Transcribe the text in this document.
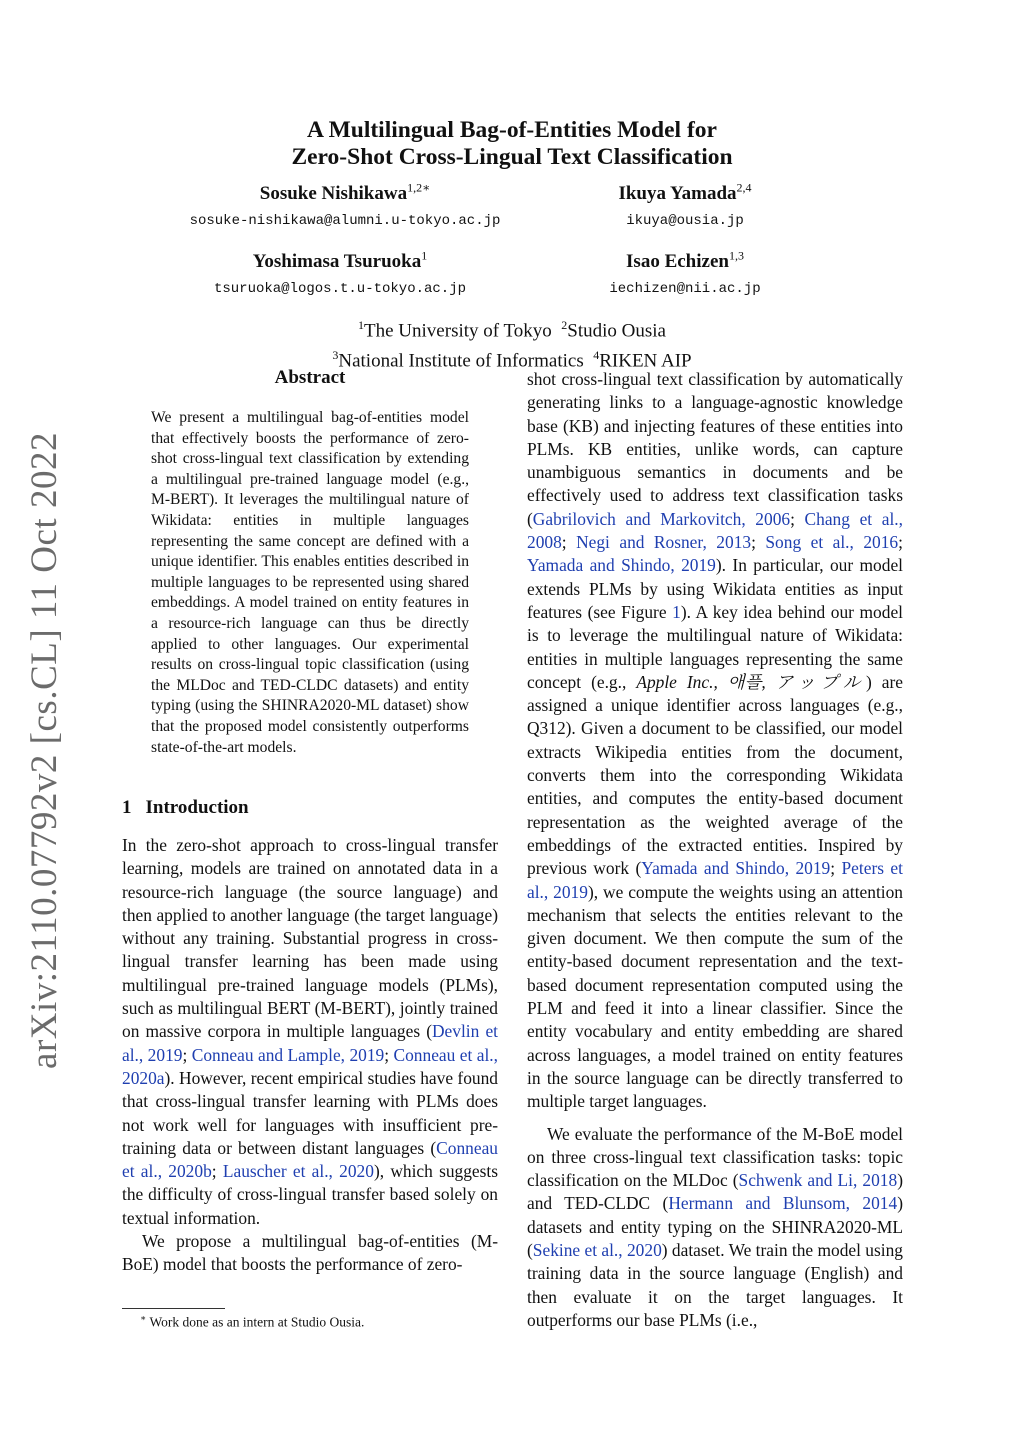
arXiv:2110.07792v2 [cs.CL] 11 Oct 2022
A Multilingual Bag-of-Entities Model for
Zero-Shot Cross-Lingual Text Classification
Sosuke Nishikawa$^{1,2∗}$
sosuke-nishikawa@alumni.u-tokyo.ac.jp
Ikuya Yamada$^{2,4}$
ikuya@ousia.jp
Yoshimasa Tsuruoka$^1$
tsuruoka@logos.t.u-tokyo.ac.jp
Isao Echizen$^{1,3}$
iechizen@nii.ac.jp
$^1$The University of Tokyo $^2$Studio Ousia
$^3$National Institute of Informatics $^4$RIKEN AIP
Abstract
We present a multilingual bag-of-entities model that effectively boosts the performance of zero-shot cross-lingual text classification by extending a multilingual pre-trained language model (e.g., M-BERT). It leverages the multilingual nature of Wikidata: entities in multiple languages representing the same concept are defined with a unique identifier. This enables entities described in multiple languages to be represented using shared embeddings. A model trained on entity features in a resource-rich language can thus be directly applied to other languages. Our experimental results on cross-lingual topic classification (using the MLDoc and TED-CLDC datasets) and entity typing (using the SHINRA2020-ML dataset) show that the proposed model consistently outperforms state-of-the-art models.
1 Introduction

In the zero-shot approach to cross-lingual transfer learning, models are trained on annotated data in a resource-rich language (the source language) and then applied to another language (the target language) without any training. Substantial progress in cross-lingual transfer learning has been made using multilingual pre-trained language models (PLMs), such as multilingual BERT (M-BERT), jointly trained on massive corpora in multiple languages (Devlin et al., 2019; Conneau and Lample, 2019; Conneau et al., 2020a). However, recent empirical studies have found that cross-lingual transfer learning with PLMs does not work well for languages with insufficient pre-training data or between distant languages (Conneau et al., 2020b; Lauscher et al., 2020), which suggests the difficulty of cross-lingual transfer based solely on textual information.

We propose a multilingual bag-of-entities (M-BoE) model that boosts the performance of zero-

∗ Work done as an intern at Studio Ousia.

shot cross-lingual text classification by automatically generating links to a language-agnostic knowledge base (KB) and injecting features of these entities into PLMs. KB entities, unlike words, can capture unambiguous semantics in documents and be effectively used to address text classification tasks (Gabrilovich and Markovitch, 2006; Chang et al., 2008; Negi and Rosner, 2013; Song et al., 2016; Yamada and Shindo, 2019). In particular, our model extends PLMs by using Wikidata entities as input features (see Figure 1). A key idea behind our model is to leverage the multilingual nature of Wikidata: entities in multiple languages representing the same concept (e.g., Apple Inc., 애플, アップル) are assigned a unique identifier across languages (e.g., Q312). Given a document to be classified, our model extracts Wikipedia entities from the document, converts them into the corresponding Wikidata entities, and computes the entity-based document representation as the weighted average of the embeddings of the extracted entities. Inspired by previous work (Yamada and Shindo, 2019; Peters et al., 2019), we compute the weights using an attention mechanism that selects the entities relevant to the given document. We then compute the sum of the entity-based document representation and the text-based document representation computed using the PLM and feed it into a linear classifier. Since the entity vocabulary and entity embedding are shared across languages, a model trained on entity features in the source language can be directly transferred to multiple target languages.

We evaluate the performance of the M-BoE model on three cross-lingual text classification tasks: topic classification on the MLDoc (Schwenk and Li, 2018) and TED-CLDC (Hermann and Blunsom, 2014) datasets and entity typing on the SHINRA2020-ML (Sekine et al., 2020) dataset. We train the model using training data in the source language (English) and then evaluate it on the target languages. It outperforms our base PLMs (i.e.,
